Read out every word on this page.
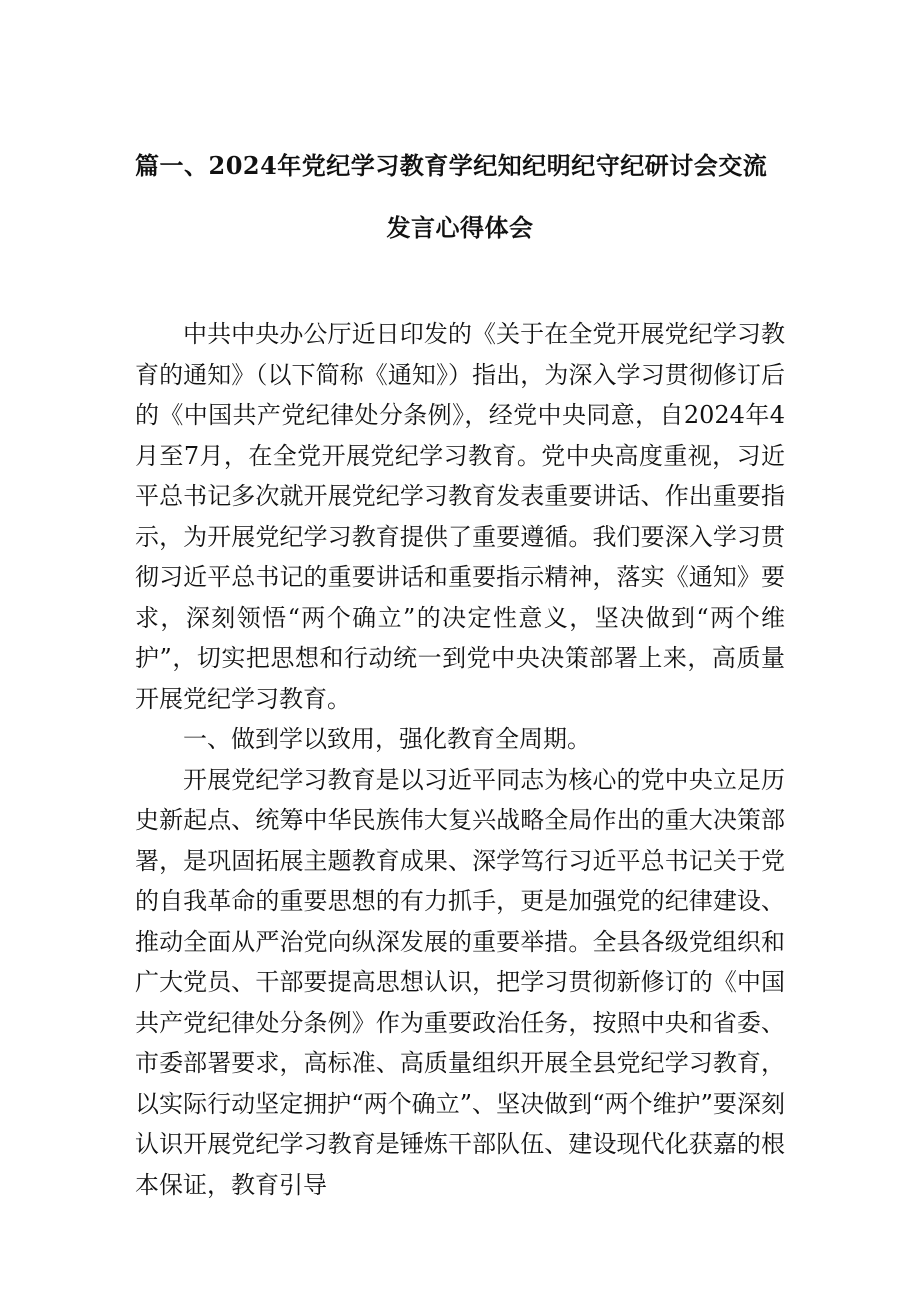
篇一、2024年党纪学习教育学纪知纪明纪守纪研讨会交流
发言心得体会

中共中央办公厅近日印发的《关于在全党开展党纪学习教育的通知》（以下简称《通知》）指出，为深入学习贯彻修订后的《中国共产党纪律处分条例》，经党中央同意，自2024年4月至7月，在全党开展党纪学习教育。党中央高度重视，习近平总书记多次就开展党纪学习教育发表重要讲话、作出重要指示，为开展党纪学习教育提供了重要遵循。我们要深入学习贯彻习近平总书记的重要讲话和重要指示精神，落实《通知》要求，深刻领悟“两个确立”的决定性意义，坚决做到“两个维护”，切实把思想和行动统一到党中央决策部署上来，高质量开展党纪学习教育。

一、做到学以致用，强化教育全周期。

开展党纪学习教育是以习近平同志为核心的党中央立足历史新起点、统筹中华民族伟大复兴战略全局作出的重大决策部署，是巩固拓展主题教育成果、深学笃行习近平总书记关于党的自我革命的重要思想的有力抓手，更是加强党的纪律建设、推动全面从严治党向纵深发展的重要举措。全县各级党组织和广大党员、干部要提高思想认识，把学习贯彻新修订的《中国共产党纪律处分条例》作为重要政治任务，按照中央和省委、市委部署要求，高标准、高质量组织开展全县党纪学习教育，以实际行动坚定拥护“两个确立”、坚决做到“两个维护”要深刻认识开展党纪学习教育是锤炼干部队伍、建设现代化获嘉的根本保证，教育引导
